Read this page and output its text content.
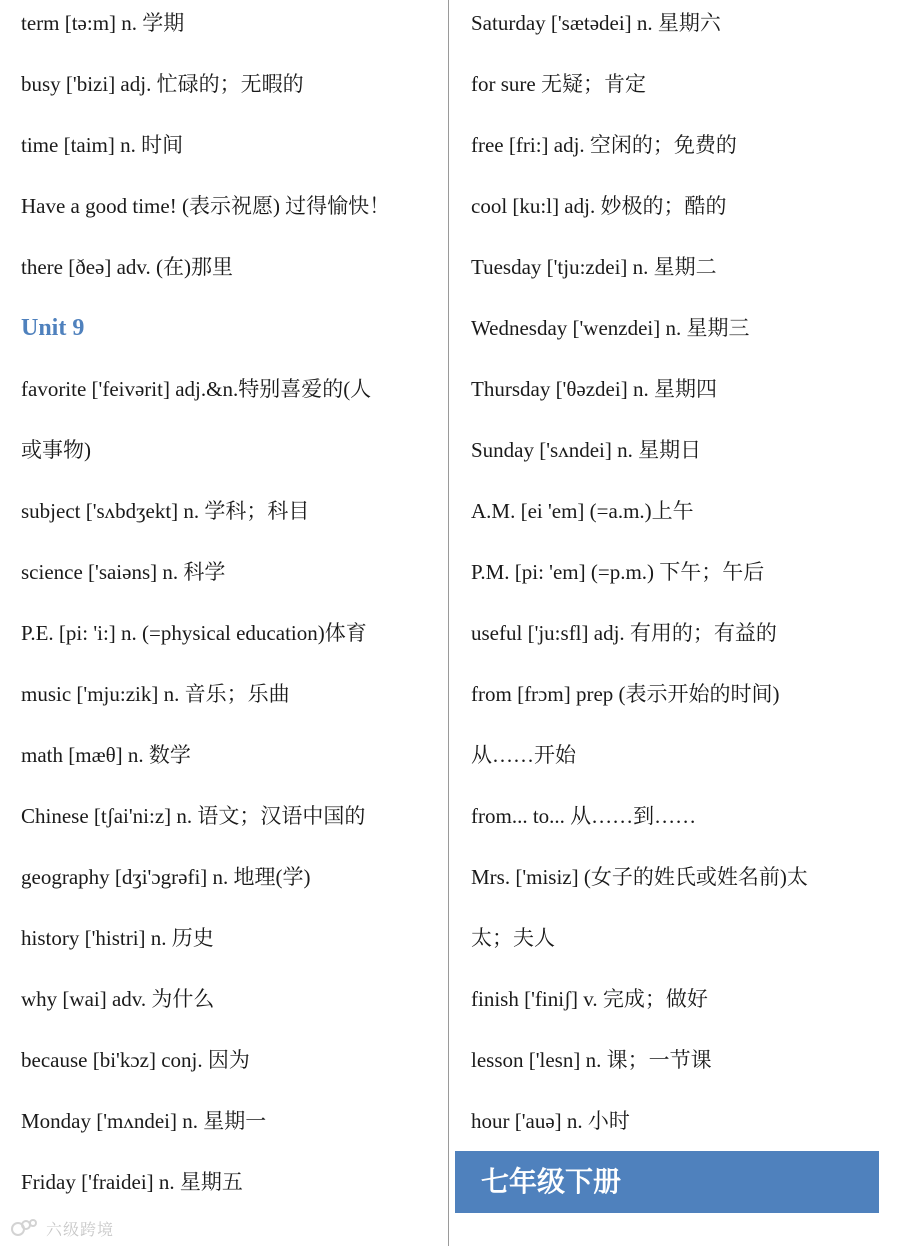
term [tə:m] n. 学期
busy ['bizi] adj. 忙碌的；无暇的
time [taim] n. 时间
Have a good time! (表示祝愿) 过得愉快！
there [ðeə] adv. (在)那里
Unit 9
favorite ['feivərit] adj.&n.特别喜爱的(人
或事物)
subject ['sʌbdʒekt] n. 学科；科目
science ['saiəns] n. 科学
P.E. [pi: 'i:] n. (=physical education)体育
music ['mju:zik] n. 音乐；乐曲
math [mæθ] n. 数学
Chinese [tʃai'ni:z] n. 语文；汉语中国的
geography [dʒi'ɔgrəfi] n. 地理(学)
history ['histri] n. 历史
why [wai] adv. 为什么
because [bi'kɔz] conj. 因为
Monday ['mʌndei] n. 星期一
Friday ['fraidei] n. 星期五
Saturday ['sætədei] n. 星期六
for sure 无疑；肯定
free [fri:] adj. 空闲的；免费的
cool [ku:l] adj. 妙极的；酷的
Tuesday ['tju:zdei] n. 星期二
Wednesday ['wenzdei] n. 星期三
Thursday ['θəzdei] n. 星期四
Sunday ['sʌndei] n. 星期日
A.M. [ei 'em] (=a.m.)上午
P.M. [pi: 'em] (=p.m.) 下午；午后
useful ['ju:sfl] adj. 有用的；有益的
from [frɔm] prep (表示开始的时间)
从……开始
from... to... 从……到……
Mrs. ['misiz] (女子的姓氏或姓名前)太
太；夫人
finish ['finiʃ] v. 完成；做好
lesson ['lesn] n. 课；一节课
hour ['auə] n. 小时
七年级下册
六级跨境
